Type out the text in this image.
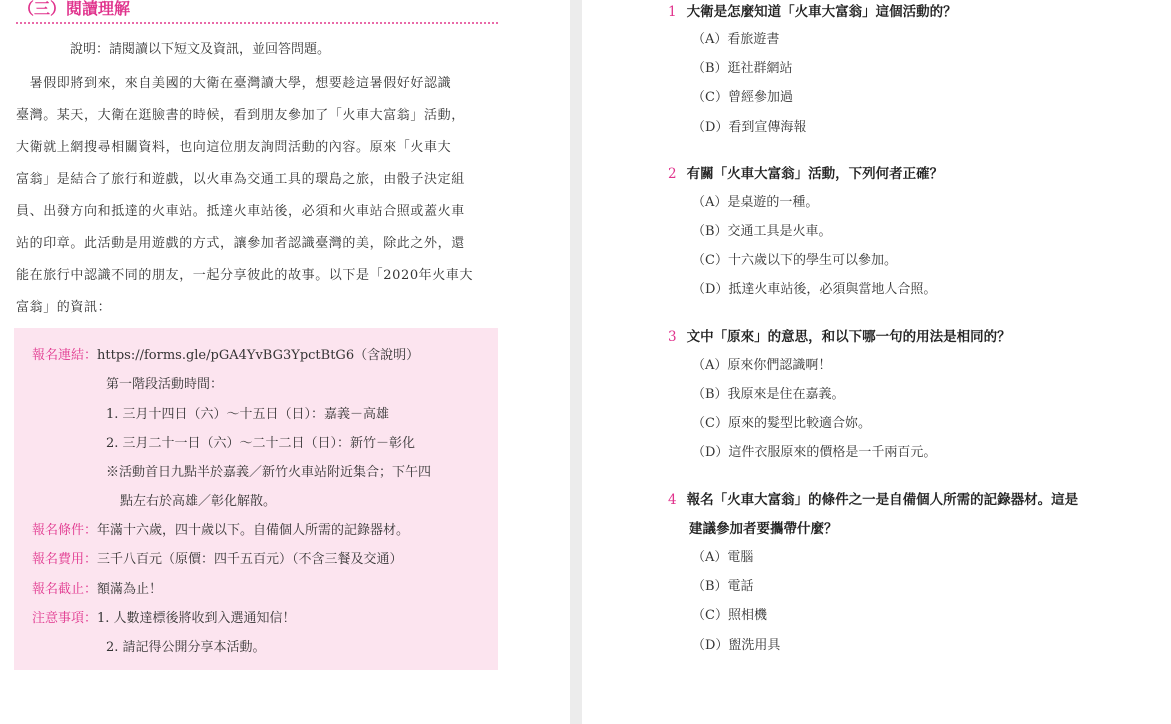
（三）閱讀理解
說明：請閱讀以下短文及資訊，並回答問題。
　暑假即將到來，來自美國的大衛在臺灣讀大學，想要趁這暑假好好認識
臺灣。某天，大衛在逛臉書的時候，看到朋友參加了「火車大富翁」活動，
大衛就上網搜尋相關資料，也向這位朋友詢問活動的內容。原來「火車大
富翁」是結合了旅行和遊戲，以火車為交通工具的環島之旅，由骰子決定組
員、出發方向和抵達的火車站。抵達火車站後，必須和火車站合照或蓋火車
站的印章。此活動是用遊戲的方式，讓參加者認識臺灣的美，除此之外，還
能在旅行中認識不同的朋友，一起分享彼此的故事。以下是「2020年火車大
富翁」的資訊：
報名連結：https://forms.gle/pGA4YvBG3YpctBtG6（含說明）
第一階段活動時間：
1. 三月十四日（六）～十五日（日）：嘉義－高雄
2. 三月二十一日（六）～二十二日（日）：新竹－彰化
※活動首日九點半於嘉義／新竹火車站附近集合；下午四
點左右於高雄／彰化解散。
報名條件：年滿十六歲，四十歲以下。自備個人所需的記錄器材。
報名費用：三千八百元（原價：四千五百元）（不含三餐及交通）
報名截止：額滿為止！
注意事項：1. 人數達標後將收到入選通知信！
2. 請記得公開分享本活動。
1 大衛是怎麼知道「火車大富翁」這個活動的？
（A）看旅遊書
（B）逛社群網站
（C）曾經參加過
（D）看到宣傳海報
2 有關「火車大富翁」活動，下列何者正確？
（A）是桌遊的一種。
（B）交通工具是火車。
（C）十六歲以下的學生可以參加。
（D）抵達火車站後，必須與當地人合照。
3 文中「原來」的意思，和以下哪一句的用法是相同的？
（A）原來你們認識啊！
（B）我原來是住在嘉義。
（C）原來的髮型比較適合妳。
（D）這件衣服原來的價格是一千兩百元。
4 報名「火車大富翁」的條件之一是自備個人所需的記錄器材。這是
建議參加者要攜帶什麼？
（A）電腦
（B）電話
（C）照相機
（D）盥洗用具
